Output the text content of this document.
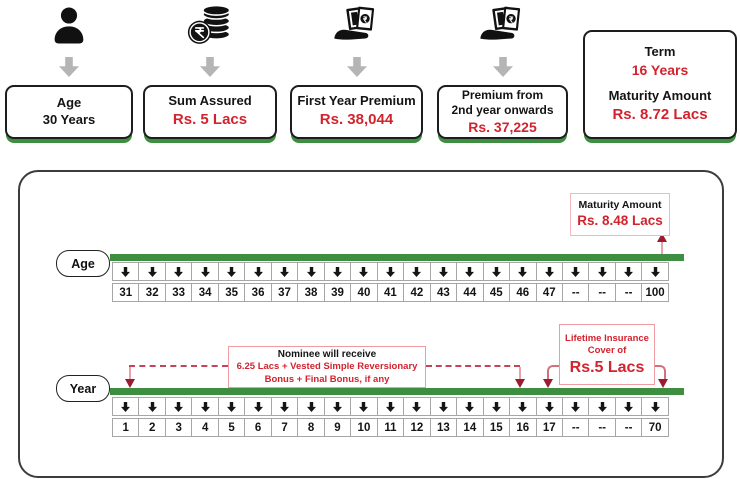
Age
30 Years
Sum Assured
Rs. 5 Lacs
First Year Premium
Rs. 38,044
Premium from
2nd year onwards
Rs. 37,225
Term
16 Years
Maturity Amount
Rs. 8.72 Lacs
Maturity Amount
Rs. 8.48 Lacs
Age
31	32	33	34	35	36	37	38	39	40	41	42	43	44	45	46	47	--	--	--	100
Nominee will receive
6.25 Lacs + Vested Simple Reversionary
Bonus + Final Bonus, if any
Lifetime Insurance
Cover of
Rs.5 Lacs
Year
1	2	3	4	5	6	7	8	9	10	11	12	13	14	15	16	17	--	--	--	70
